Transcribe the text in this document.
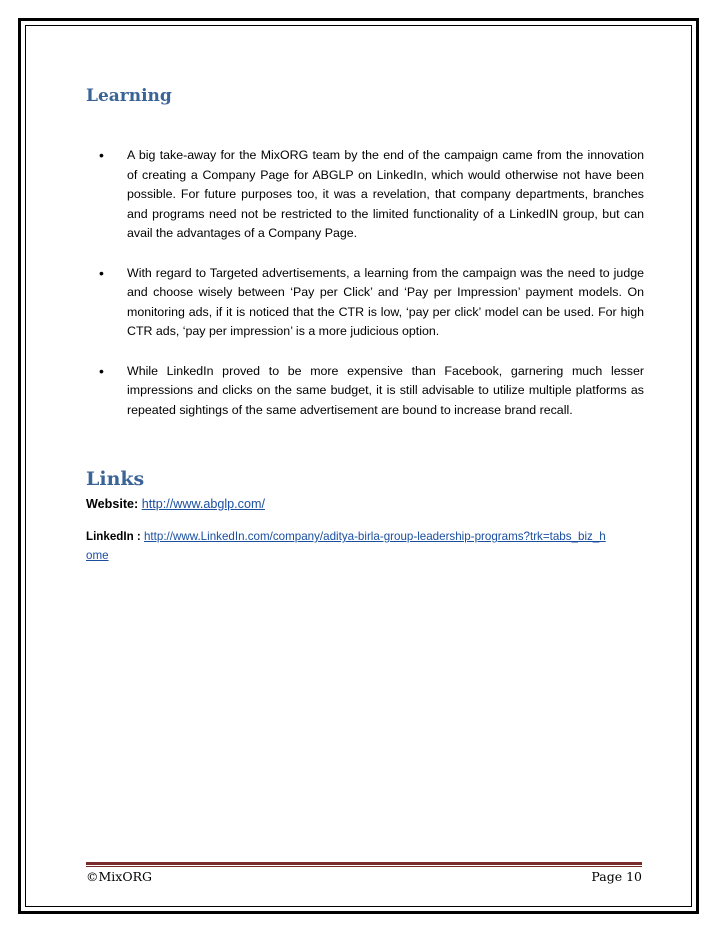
Learning
• A big take-away for the MixORG team by the end of the campaign came from the innovation of creating a Company Page for ABGLP on LinkedIn, which would otherwise not have been possible. For future purposes too, it was a revelation, that company departments, branches and programs need not be restricted to the limited functionality of a LinkedIN group, but can avail the advantages of a Company Page.
• With regard to Targeted advertisements, a learning from the campaign was the need to judge and choose wisely between ‘Pay per Click’ and ‘Pay per Impression’ payment models. On monitoring ads, if it is noticed that the CTR is low, ‘pay per click’ model can be used. For high CTR ads, ‘pay per impression’ is a more judicious option.
• While LinkedIn proved to be more expensive than Facebook, garnering much lesser impressions and clicks on the same budget, it is still advisable to utilize multiple platforms as repeated sightings of the same advertisement are bound to increase brand recall.
Links
Website: http://www.abglp.com/
LinkedIn : http://www.LinkedIn.com/company/aditya-birla-group-leadership-programs?trk=tabs_biz_home
©MixORG	Page 10
